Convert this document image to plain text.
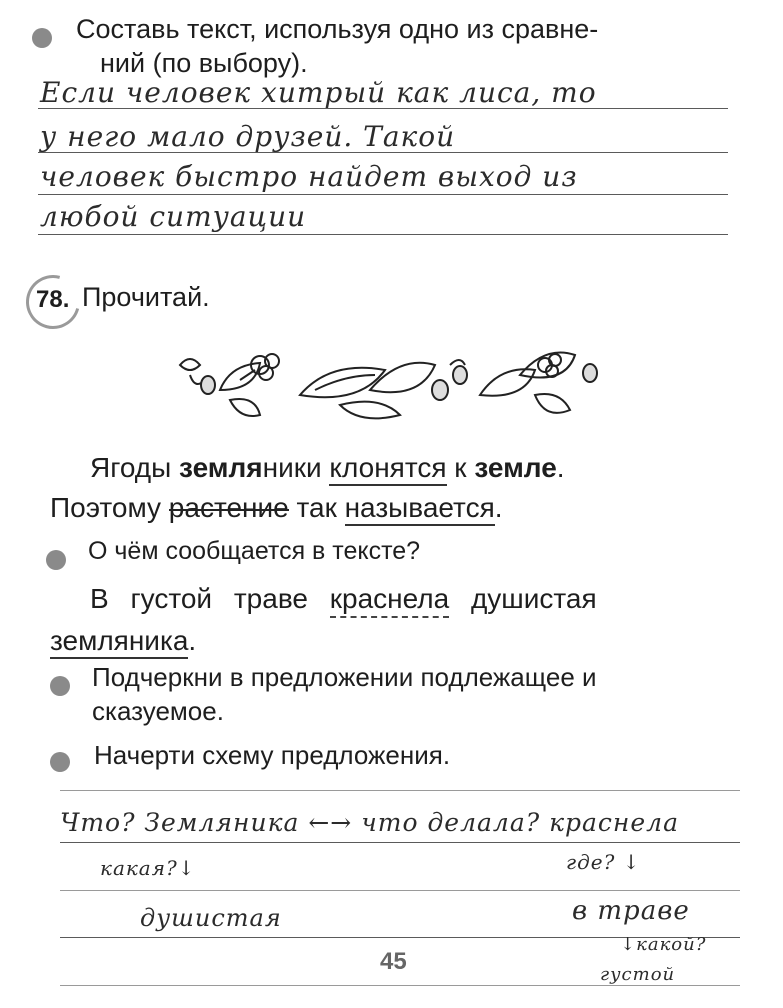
Составь текст, используя одно из сравне-
ний (по выбору).
Если человек хитрый как лиса, то
у него мало друзей. Такой
человек быстро найдет выход из
любой ситуации
78. Прочитай.
Ягоды земляники клонятся к земле.
Поэтому растение так называется.
О чём сообщается в тексте?
В густой траве краснела душистая
земляника.
Подчеркни в предложении подлежащее и
сказуемое.
Начерти схему предложения.
Что? Земляника ←→ что делала? краснела
какая?↓	где? ↓
душистая	в траве
↓какой?
густой
45
